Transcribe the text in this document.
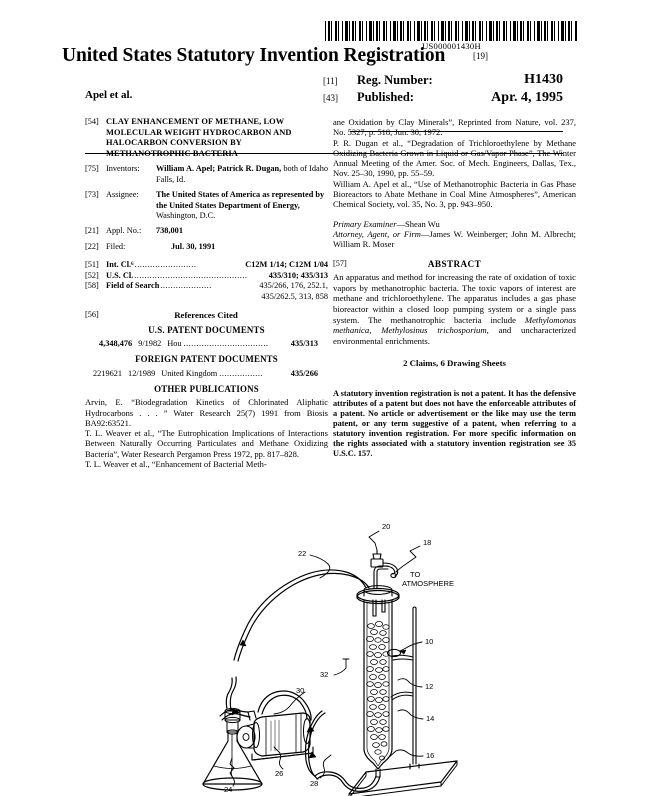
US000001430H
United States Statutory Invention Registration	[19]
[11] Reg. Number:	H1430
Apel et al.	[43] Published:	Apr. 4, 1995
[54] CLAY ENHANCEMENT OF METHANE, LOW MOLECULAR WEIGHT HYDROCARBON AND HALOCARBON CONVERSION BY METHANOTROPHIC BACTERIA
[75] Inventors:	William A. Apel; Patrick R. Dugan, both of Idaho Falls, Id.
[73] Assignee:	The United States of America as represented by the United States Department of Energy, Washington, D.C.
[21] Appl. No.:	738,001
[22] Filed:	Jul. 30, 1991
[51] Int. Cl.⁶ ........................	C12M 1/14; C12M 1/04
[52] U.S. Cl. ............................................	435/310; 435/313
[58] Field of Search ....................	435/266, 176, 252.1,
435/262.5, 313, 858
[56]	References Cited
U.S. PATENT DOCUMENTS
4,348,476 9/1982 Hou .................................	435/313
FOREIGN PATENT DOCUMENTS
2219621 12/1989 United Kingdom .................	435/266
OTHER PUBLICATIONS
Arvin, E. “Biodegradation Kinetics of Chlorinated Aliphatic Hydrocarbons . . . ” Water Research 25(7) 1991 from Biosis BA92:63521.
T. L. Weaver et al., “The Eutrophication Implications of Interactions Between Naturally Occurring Particulates and Methane Oxidizing Bacteria”, Water Research Pergamon Press 1972, pp. 817–828.
T. L. Weaver et al., “Enhancement of Bacterial Meth-
ane Oxidation by Clay Minerals”, Reprinted from Nature, vol. 237, No. 5327, p. 518, Jun. 30, 1972.
P. R. Dugan et al., “Degradation of Trichloroethylene by Methane Oxidizing Bacteria Grown in Liquid or Gas/Vapor Phase”, The Winter Annual Meeting of the Amer. Soc. of Mech. Engineers, Dallas, Tex., Nov. 25–30, 1990, pp. 55–59.
William A. Apel et al., “Use of Methanotrophic Bacteria in Gas Phase Bioreactors to Abate Methane in Coal Mine Atmospheres”, American Chemical Society, vol. 35, No. 3, pp. 943–950.
Primary Examiner—Shean Wu
Attorney, Agent, or Firm—James W. Weinberger; John M. Albrecht; William R. Moser
[57]	ABSTRACT
An apparatus and method for increasing the rate of oxidation of toxic vapors by methanotrophic bacteria. The toxic vapors of interest are methane and trichloroethylene. The apparatus includes a gas phase bioreactor within a closed loop pumping system or a single pass system. The methanotrophic bacteria include Methylomonas methanica, Methylosinus trichosporium, and uncharacterized environmental enrichments.
2 Claims, 6 Drawing Sheets
A statutory invention registration is not a patent. It has the defensive attributes of a patent but does not have the enforceable attributes of a patent. No article or advertisement or the like may use the term patent, or any term suggestive of a patent, when referring to a statutory invention registration. For more specific information on the rights associated with a statutory invention registration see 35 U.S.C. 157.
TO
ATMOSPHERE
20
18
22
10
32
12
30
14
16
24
26
28
